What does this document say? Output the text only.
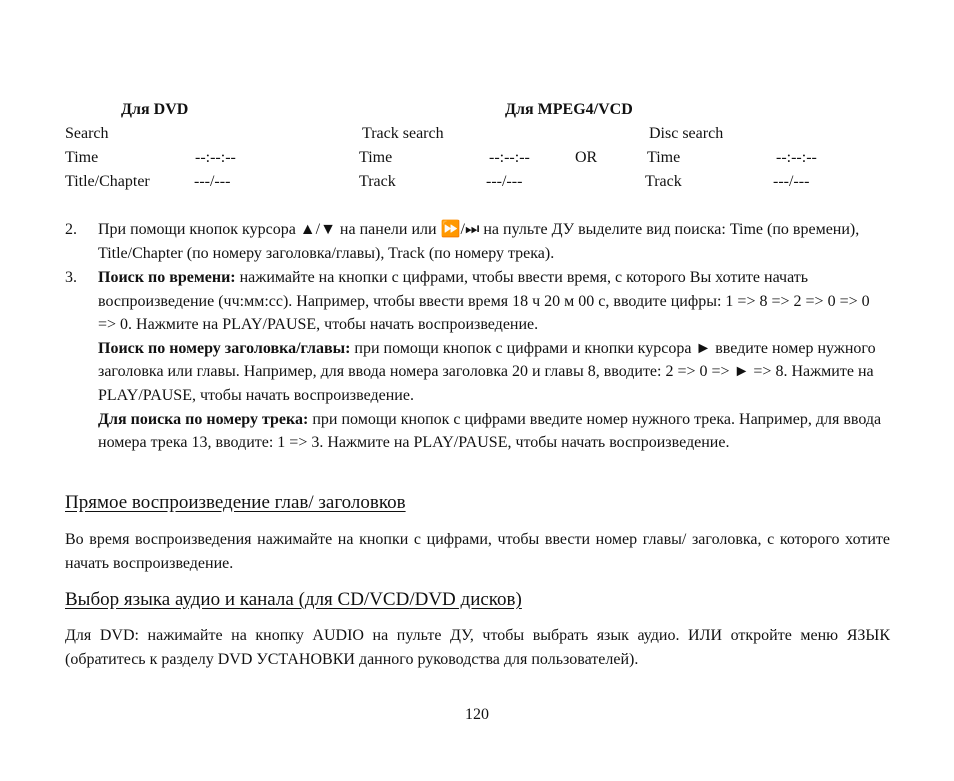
Для DVD	Для MPEG4/VCD
Search	Track search	Disc search
Time	--:--:--	Time	--:--:--	OR	Time	--:--:--
Title/Chapter	---/---	Track	---/---	Track	---/---
2. При помощи кнопок курсора ▲/▼ на панели или ⏩/⏭ на пульте ДУ выделите вид поиска: Time (по времени), Title/Chapter (по номеру заголовка/главы), Track (по номеру трека).
3. Поиск по времени: нажимайте на кнопки с цифрами, чтобы ввести время, с которого Вы хотите начать воспроизведение (чч:мм:сс). Например, чтобы ввести время 18 ч 20 м 00 с, вводите цифры: 1 => 8 => 2 => 0 => 0 => 0. Нажмите на PLAY/PAUSE, чтобы начать воспроизведение.
Поиск по номеру заголовка/главы: при помощи кнопок с цифрами и кнопки курсора ► введите номер нужного заголовка или главы. Например, для ввода номера заголовка 20 и главы 8, вводите: 2 => 0 => ► => 8. Нажмите на PLAY/PAUSE, чтобы начать воспроизведение.
Для поиска по номеру трека: при помощи кнопок с цифрами введите номер нужного трека. Например, для ввода номера трека 13, вводите: 1 => 3. Нажмите на PLAY/PAUSE, чтобы начать воспроизведение.
Прямое воспроизведение глав/ заголовков
Во время воспроизведения нажимайте на кнопки с цифрами, чтобы ввести номер главы/ заголовка, с которого хотите начать воспроизведение.
Выбор языка аудио и канала (для CD/VCD/DVD дисков)
Для DVD: нажимайте на кнопку AUDIO на пульте ДУ, чтобы выбрать язык аудио. ИЛИ откройте меню ЯЗЫК (обратитесь к разделу DVD УСТАНОВКИ данного руководства для пользователей).
120
